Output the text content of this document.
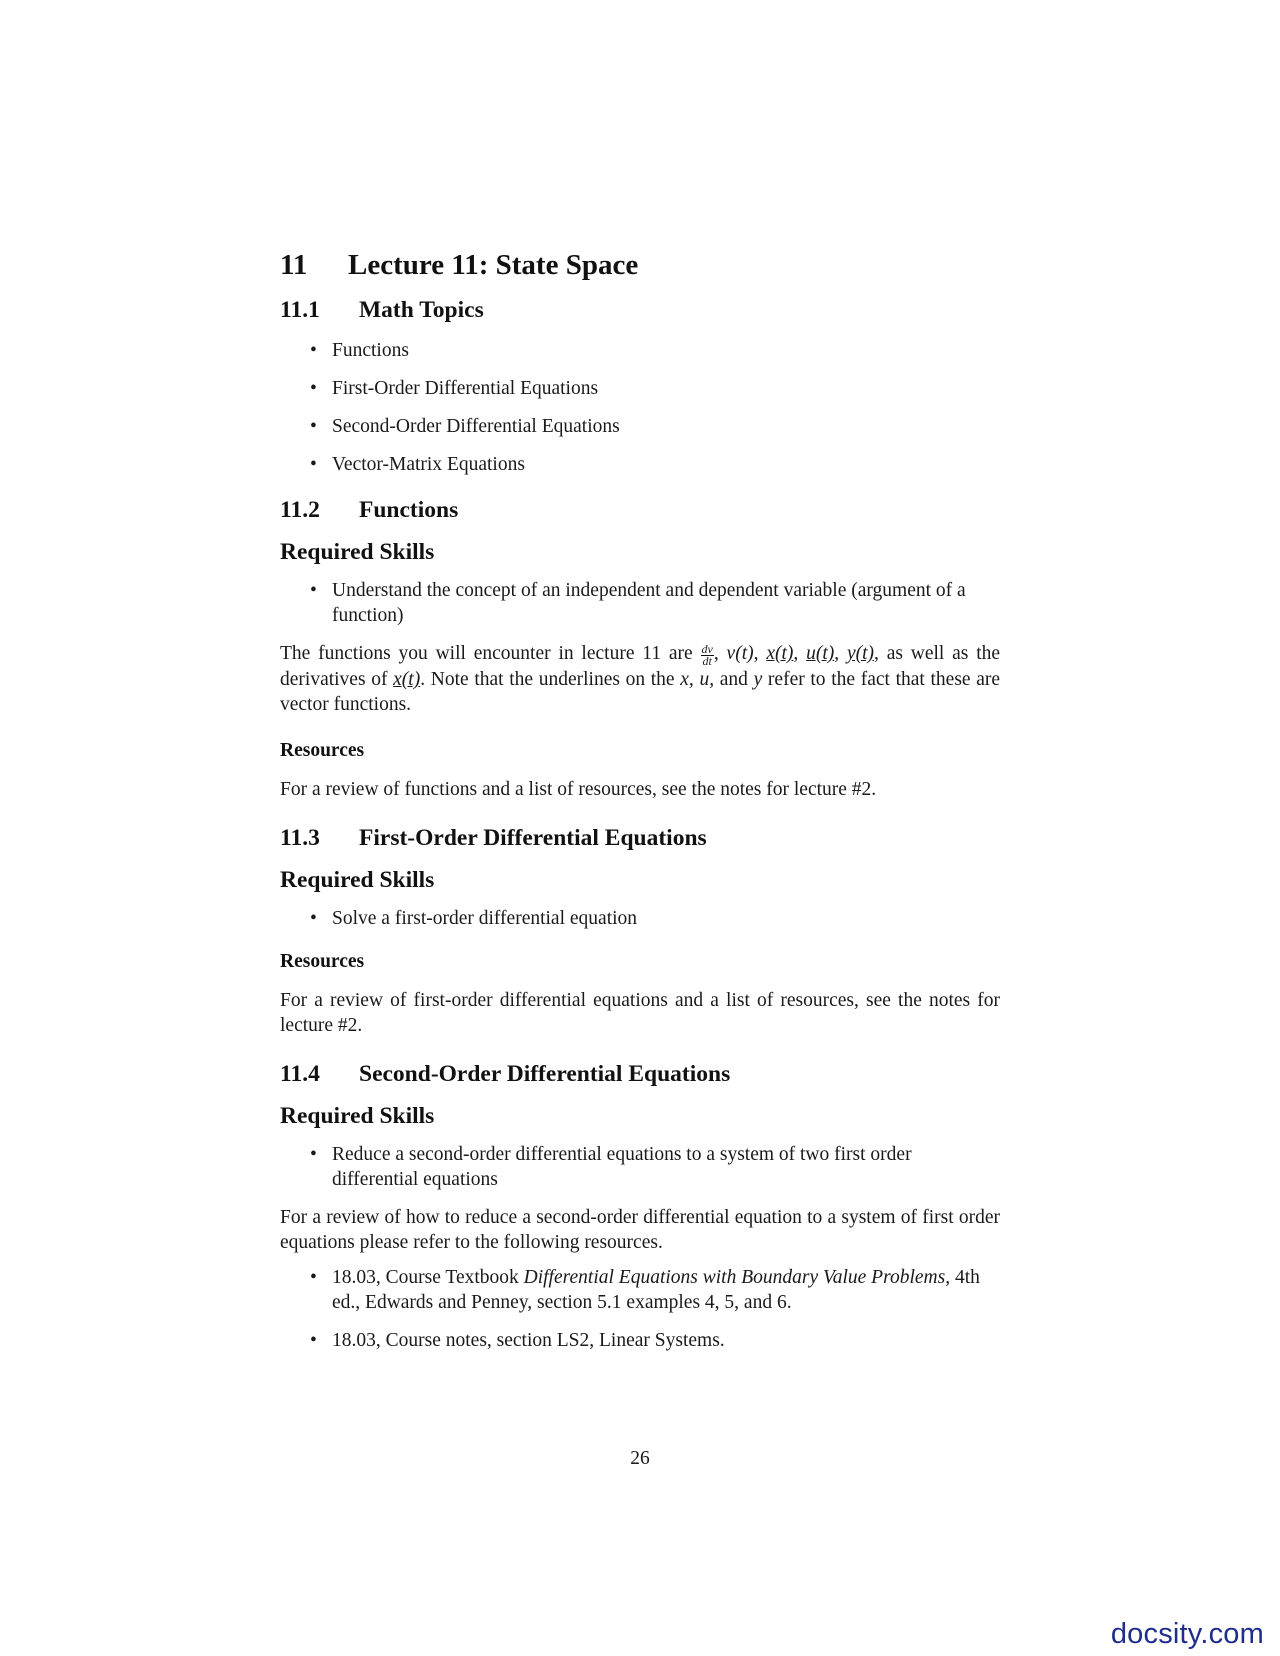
11 Lecture 11: State Space
11.1 Math Topics
• Functions
• First-Order Differential Equations
• Second-Order Differential Equations
• Vector-Matrix Equations
11.2 Functions
Required Skills
• Understand the concept of an independent and dependent variable (argument of a function)

The functions you will encounter in lecture 11 are $\frac{dv}{dt}$ , v(t), x(t), u(t), y(t), as well as the derivatives of x(t). Note that the underlines on the x, u, and y refer to the fact that these are vector functions.

Resources

For a review of functions and a list of resources, see the notes for lecture #2.

11.3 First-Order Differential Equations
Required Skills
• Solve a first-order differential equation
Resources

For a review of first-order differential equations and a list of resources, see the notes for lecture #2.

11.4 Second-Order Differential Equations
Required Skills
• Reduce a second-order differential equations to a system of two first order differential equations

For a review of how to reduce a second-order differential equation to a system of first order equations please refer to the following resources.

• 18.03, Course Textbook Differential Equations with Boundary Value Problems, 4th ed., Edwards and Penney, section 5.1 examples 4, 5, and 6.
• 18.03, Course notes, section LS2, Linear Systems.
26
docsity.com
